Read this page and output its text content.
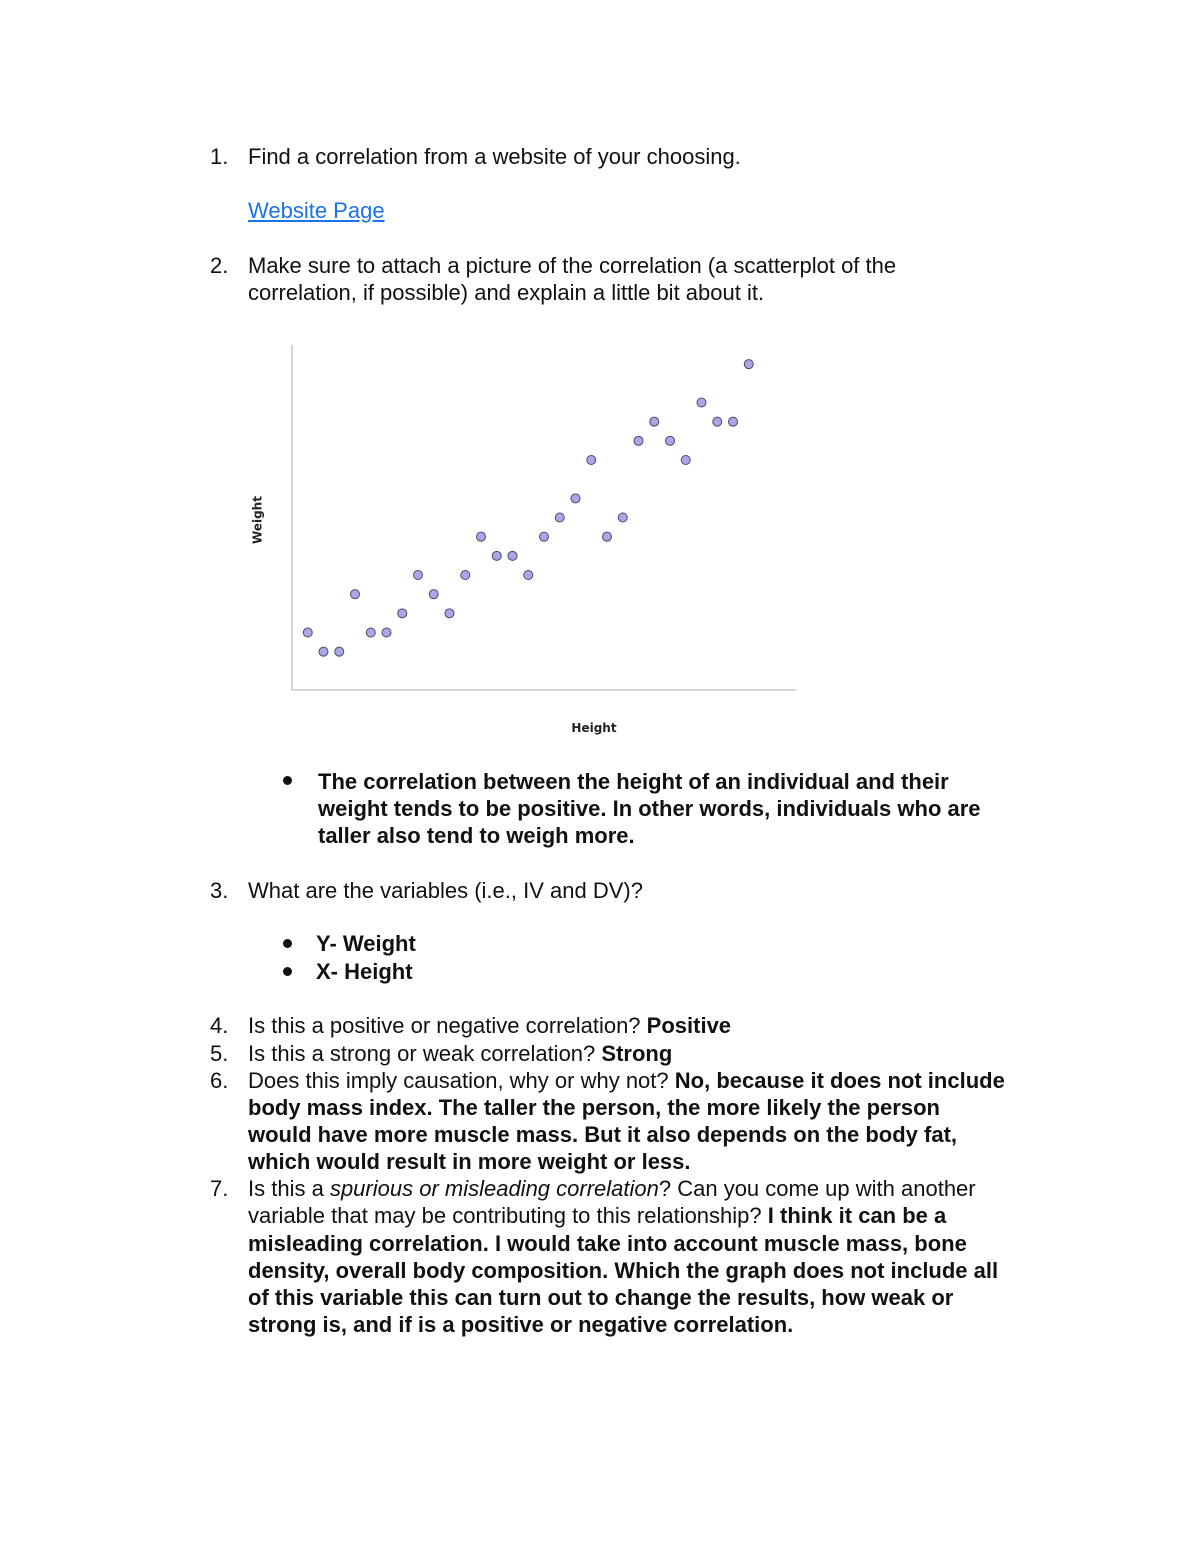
1. Find a correlation from a website of your choosing.
Website Page
2. Make sure to attach a picture of the correlation (a scatterplot of the
correlation, if possible) and explain a little bit about it.
Weight
Height
The correlation between the height of an individual and their
weight tends to be positive. In other words, individuals who are
taller also tend to weigh more.
3. What are the variables (i.e., IV and DV)?
Y- Weight
X- Height
4. Is this a positive or negative correlation? Positive
5. Is this a strong or weak correlation? Strong
6. Does this imply causation, why or why not? No, because it does not include
body mass index. The taller the person, the more likely the person
would have more muscle mass. But it also depends on the body fat,
which would result in more weight or less.
7. Is this a spurious or misleading correlation? Can you come up with another
variable that may be contributing to this relationship? I think it can be a
misleading correlation. I would take into account muscle mass, bone
density, overall body composition. Which the graph does not include all
of this variable this can turn out to change the results, how weak or
strong is, and if is a positive or negative correlation.
